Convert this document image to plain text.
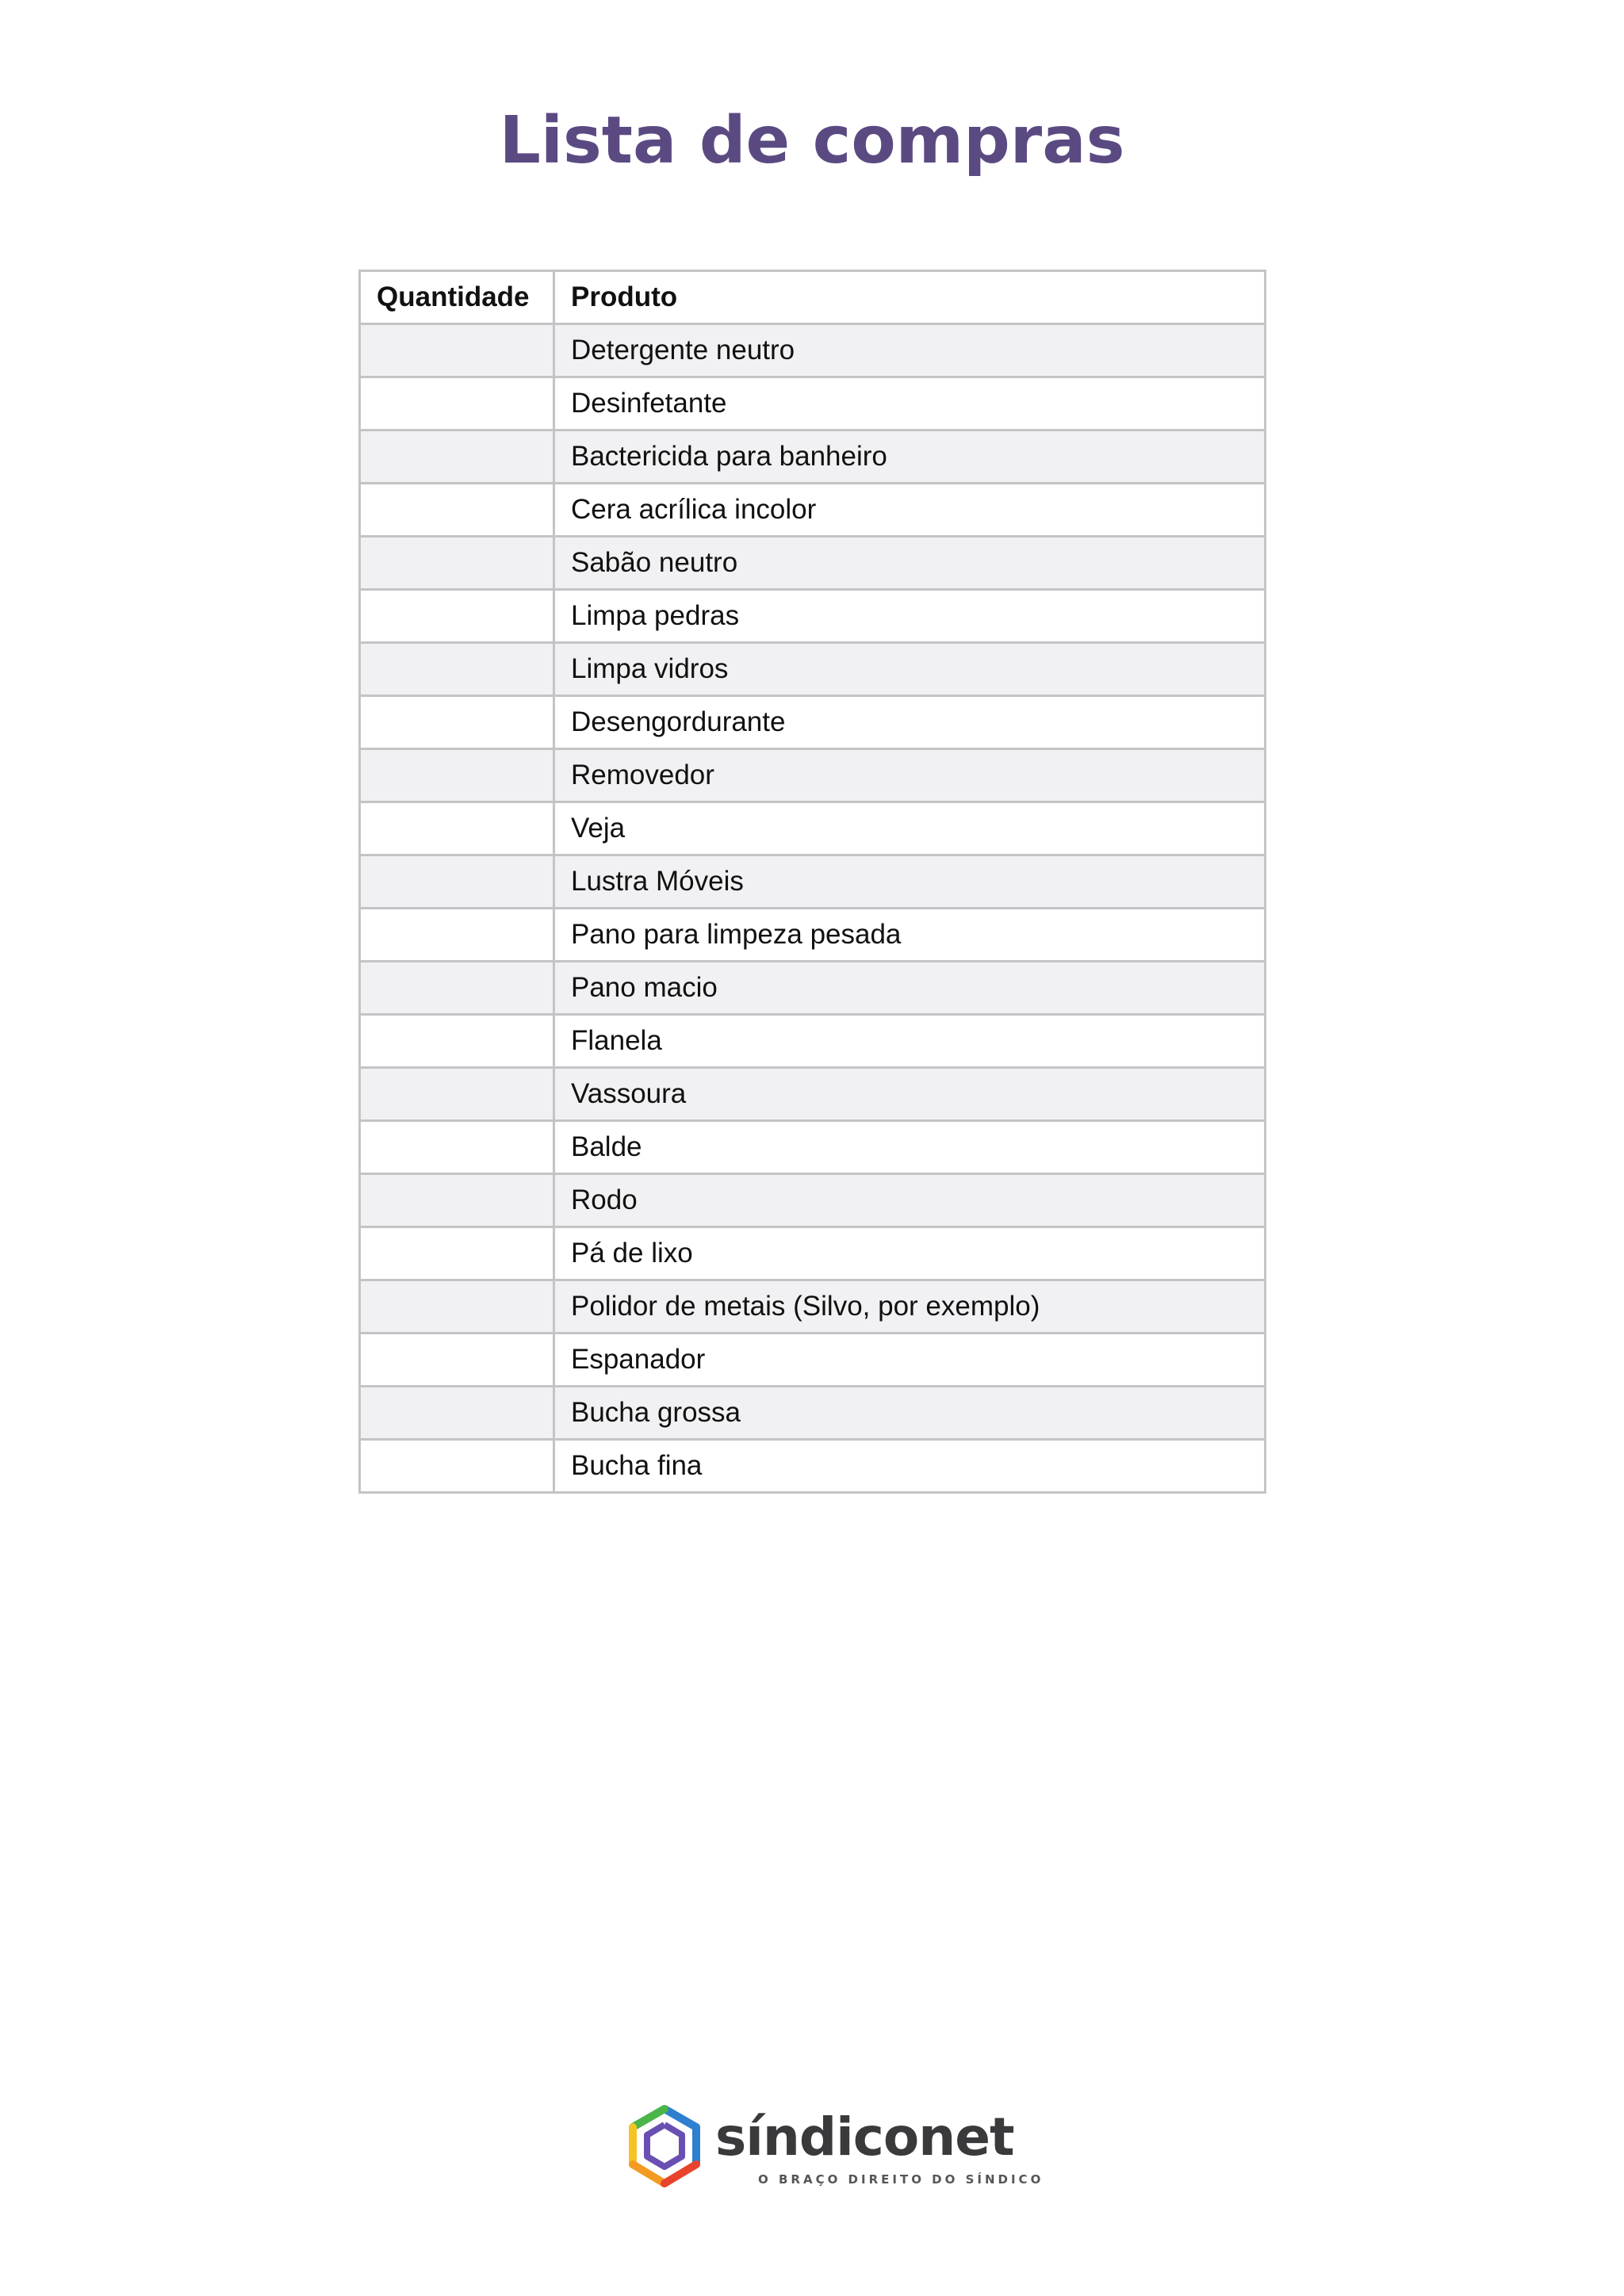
Lista de compras
Quantidade	Produto
	Detergente neutro
	Desinfetante
	Bactericida para banheiro
	Cera acrílica incolor
	Sabão neutro
	Limpa pedras
	Limpa vidros
	Desengordurante
	Removedor
	Veja
	Lustra Móveis
	Pano para limpeza pesada
	Pano macio
	Flanela
	Vassoura
	Balde
	Rodo
	Pá de lixo
	Polidor de metais (Silvo, por exemplo)
	Espanador
	Bucha grossa
	Bucha fina
síndiconet
O BRAÇO DIREITO DO SÍNDICO
